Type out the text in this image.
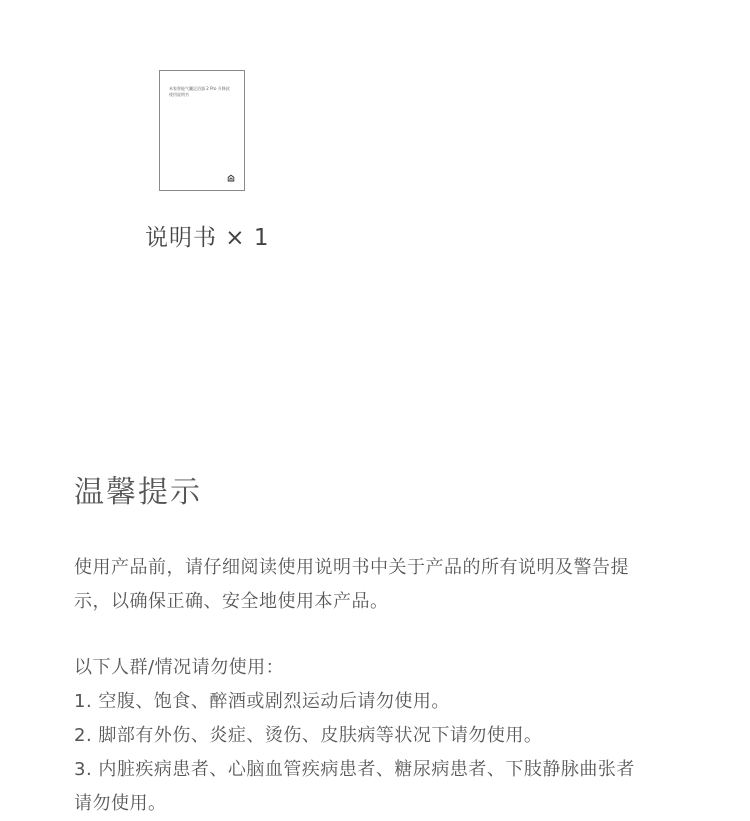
米家智能气囊足浴器 2 Pro 升降款
使用说明书
说明书 × 1
温馨提示
使用产品前，请仔细阅读使用说明书中关于产品的所有说明及警告提
示，以确保正确、安全地使用本产品。
以下人群/情况请勿使用：
1. 空腹、饱食、醉酒或剧烈运动后请勿使用。
2. 脚部有外伤、炎症、烫伤、皮肤病等状况下请勿使用。
3. 内脏疾病患者、心脑血管疾病患者、糖尿病患者、下肢静脉曲张者
请勿使用。
